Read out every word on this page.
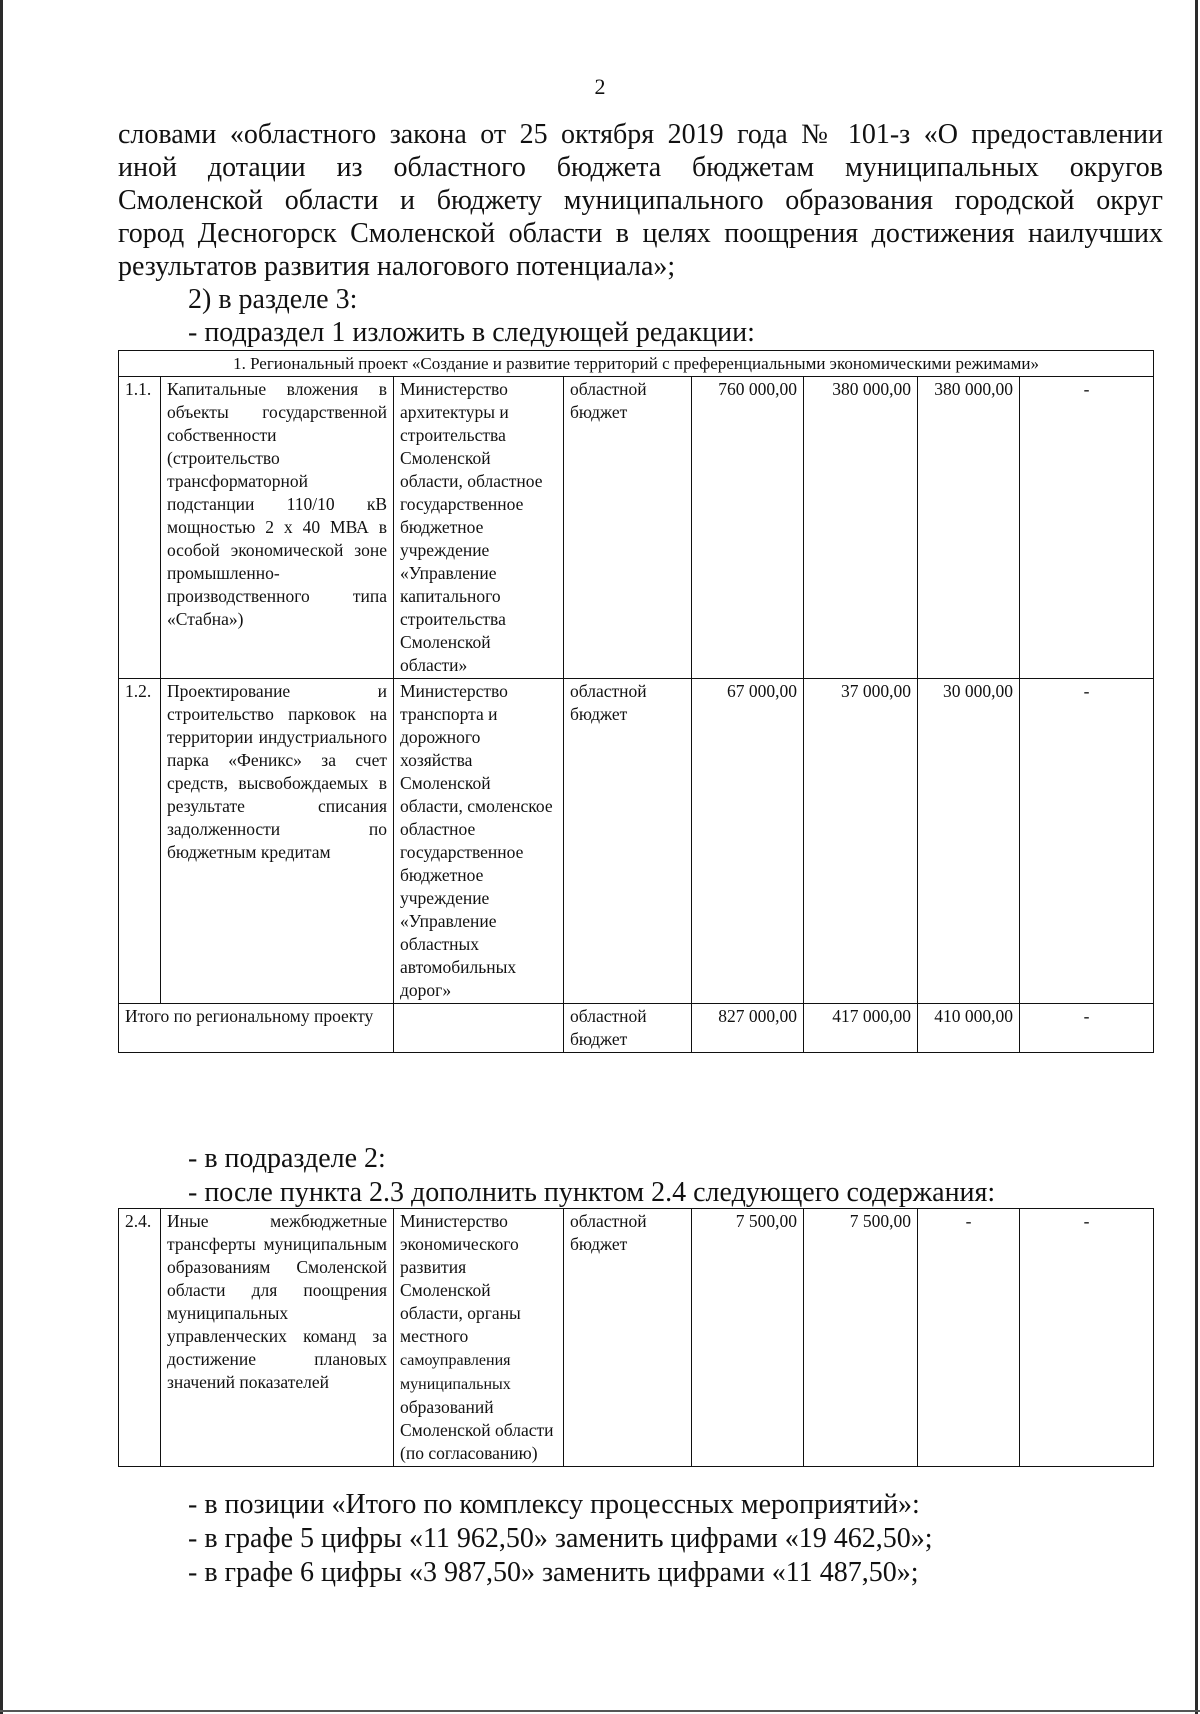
2
словами «областного закона от 25 октября 2019 года № 101-з «О предоставлении
иной дотации из областного бюджета бюджетам муниципальных округов
Смоленской области и бюджету муниципального образования городской округ
город Десногорск Смоленской области в целях поощрения достижения наилучших
результатов развития налогового потенциала»;
2) в разделе 3:
- подраздел 1 изложить в следующей редакции:
1. Региональный проект «Создание и развитие территорий с преференциальными экономическими режимами»							
1.1.	Капитальные вложения в объекты государственной собственности (строительство трансформаторной подстанции 110/10 кВ мощностью 2 х 40 МВА в особой экономической зоне промышленно-производственного типа «Стабна»)	Министерство архитектуры и строительства Смоленской области, областное государственное бюджетное учреждение «Управление капитального строительства Смоленской области»	областной бюджет	760 000,00	380 000,00	380 000,00	-
1.2.	Проектирование и строительство парковок на территории индустриального парка «Феникс» за счет средств, высвобождаемых в результате списания задолженности по бюджетным кредитам	Министерство транспорта и дорожного хозяйства Смоленской области, смоленское областное государственное бюджетное учреждение «Управление областных автомобильных дорог»	областной бюджет	67 000,00	37 000,00	30 000,00	-
Итого по региональному проекту			областной бюджет	827 000,00	417 000,00	410 000,00	-
- в подразделе 2:
- после пункта 2.3 дополнить пунктом 2.4 следующего содержания:
2.4.	Иные межбюджетные трансферты муниципальным образованиям Смоленской области для поощрения муниципальных управленческих команд за достижение плановых значений показателей	Министерство экономического развития Смоленской области, органы местного самоуправления муниципальных образований Смоленской области (по согласованию)	областной бюджет	7 500,00	7 500,00	-	-
- в позиции «Итого по комплексу процессных мероприятий»:
- в графе 5 цифры «11 962,50» заменить цифрами «19 462,50»;
- в графе 6 цифры «3 987,50» заменить цифрами «11 487,50»;
